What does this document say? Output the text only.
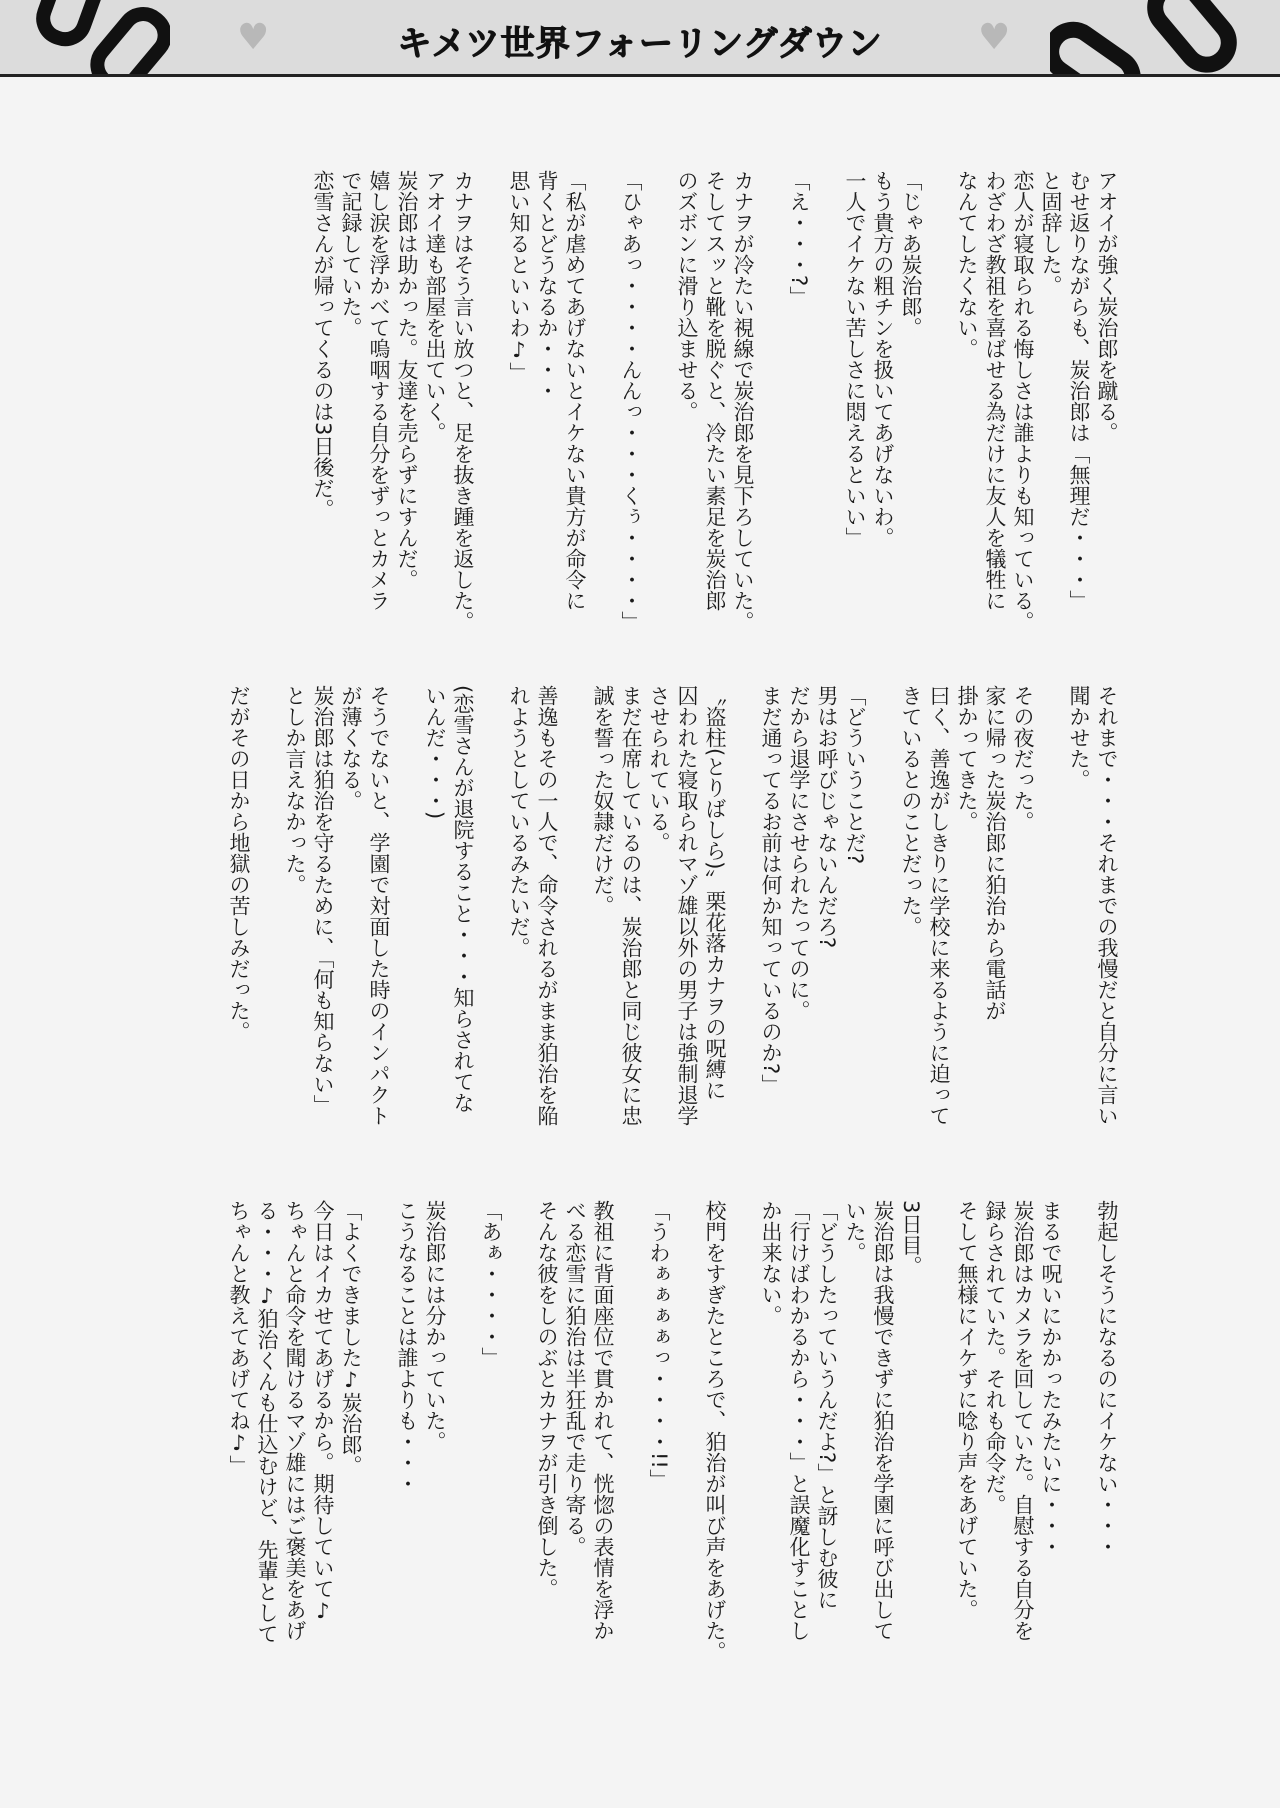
♥	キメツ世界フォーリングダウン	♥
アオイが強く炭治郎を蹴る。
むせ返りながらも、炭治郎は「無理だ・・・」
と固辞した。
恋人が寝取られる悔しさは誰よりも知っている。
わざわざ教祖を喜ばせる為だけに友人を犠牲に
なんてしたくない。
「じゃあ炭治郎。
もう貴方の粗チンを扱いてあげないわ。
一人でイケない苦しさに悶えるといい」
「え・・・?」
カナヲが冷たい視線で炭治郎を見下ろしていた。
そしてスッと靴を脱ぐと、冷たい素足を炭治郎
のズボンに滑り込ませる。
「ひゃあっ・・・・んんっ・・・くぅ・・・・」
「私が虐めてあげないとイケない貴方が命令に
背くとどうなるか・・・
思い知るといいわ♪」
カナヲはそう言い放つと、足を抜き踵を返した。
アオイ達も部屋を出ていく。
炭治郎は助かった。友達を売らずにすんだ。
嬉し涙を浮かべて嗚咽する自分をずっとカメラ
で記録していた。
恋雪さんが帰ってくるのは3日後だ。
それまで・・・それまでの我慢だと自分に言い
聞かせた。
その夜だった。
家に帰った炭治郎に狛治から電話が
掛かってきた。
曰く、善逸がしきりに学校に来るように迫って
きているとのことだった。
「どういうことだ?
男はお呼びじゃないんだろ?
だから退学にさせられたってのに。
まだ通ってるお前は何か知っているのか?」
〝盗柱(とりばしら)〟栗花落カナヲの呪縛に
囚われた寝取られマゾ雄以外の男子は強制退学
させられている。
まだ在席しているのは、炭治郎と同じ彼女に忠
誠を誓った奴隷だけだ。
善逸もその一人で、命令されるがまま狛治を陥
れようとしているみたいだ。
(恋雪さんが退院すること・・・知らされてな
いんだ・・・)
そうでないと、学園で対面した時のインパクト
が薄くなる。
炭治郎は狛治を守るために、「何も知らない」
としか言えなかった。
だがその日から地獄の苦しみだった。
勃起しそうになるのにイケない・・・
まるで呪いにかかったみたいに・・・
炭治郎はカメラを回していた。自慰する自分を
録らされていた。それも命令だ。
そして無様にイケずに唸り声をあげていた。
3日目。
炭治郎は我慢できずに狛治を学園に呼び出して
いた。
「どうしたっていうんだよ?」と訝しむ彼に
「行けばわかるから・・・」と誤魔化すことし
か出来ない。
校門をすぎたところで、狛治が叫び声をあげた。
「うわぁぁぁぁっ・・・・!!」
教祖に背面座位で貫かれて、恍惚の表情を浮か
べる恋雪に狛治は半狂乱で走り寄る。
そんな彼をしのぶとカナヲが引き倒した。
「あぁ・・・・」
炭治郎には分かっていた。
こうなることは誰よりも・・・
「よくできました♪炭治郎。
今日はイカせてあげるから。期待していて♪
ちゃんと命令を聞けるマゾ雄にはご褒美をあげ
る・・・♪狛治くんも仕込むけど、先輩として
ちゃんと教えてあげてね♪」
